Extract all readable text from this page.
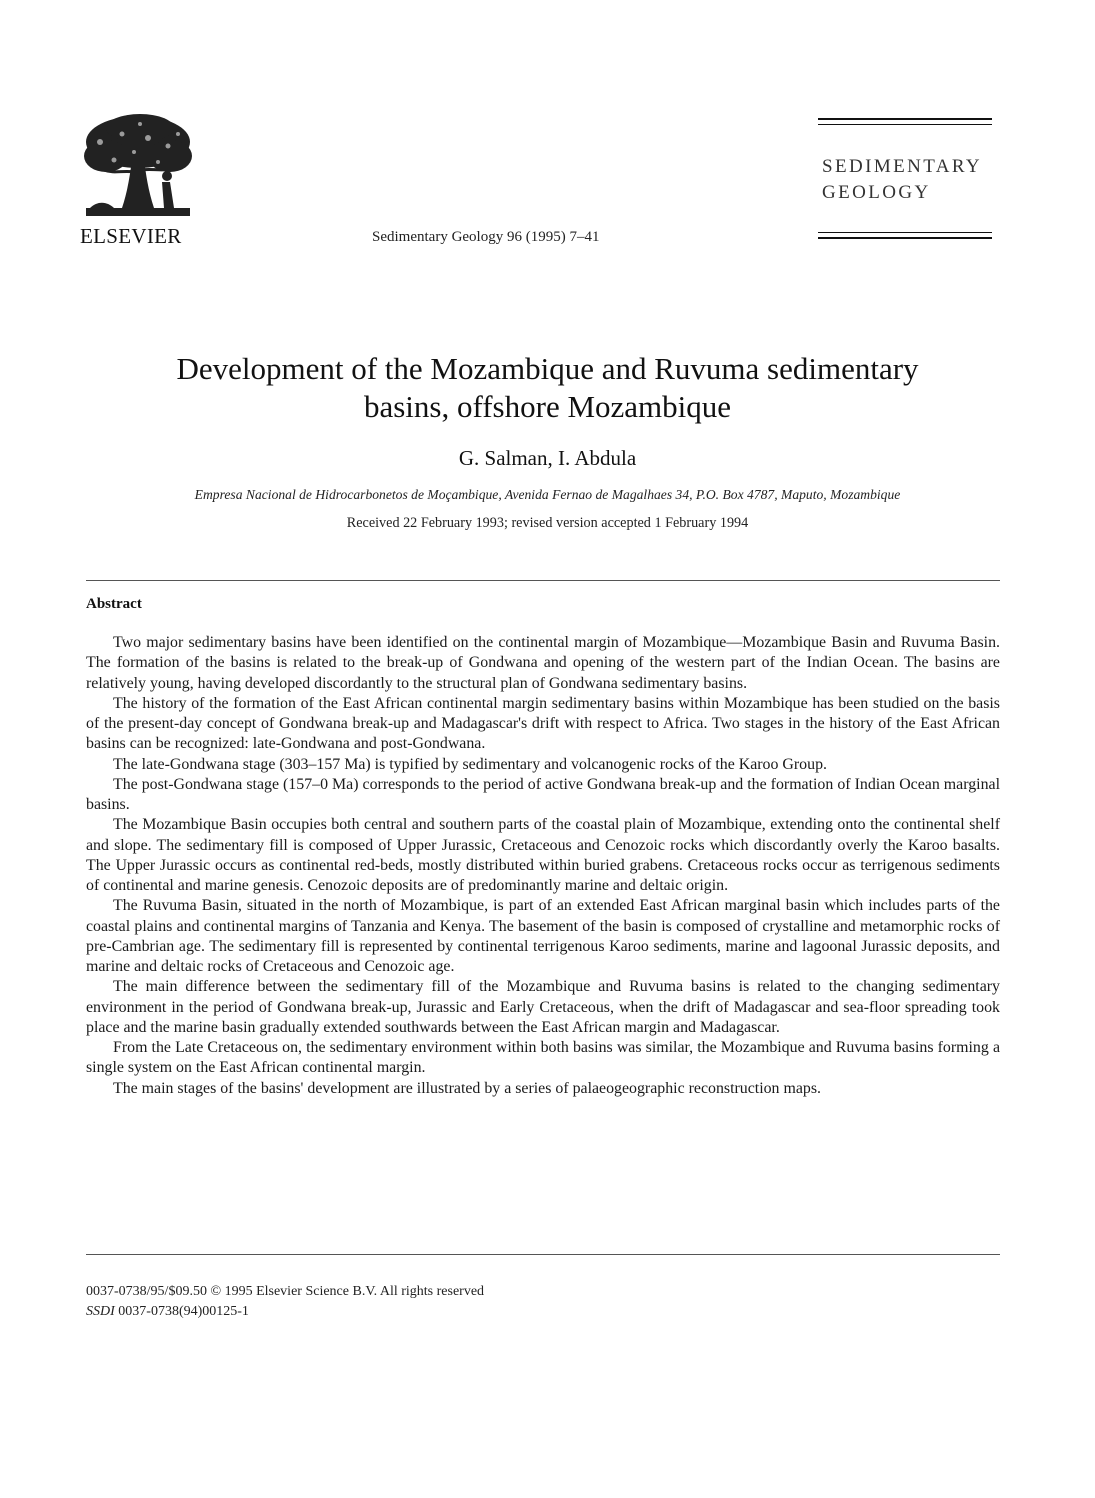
ELSEVIER	Sedimentary Geology 96 (1995) 7–41
SEDIMENTARY
GEOLOGY
Development of the Mozambique and Ruvuma sedimentary
basins, offshore Mozambique
G. Salman, I. Abdula
Empresa Nacional de Hidrocarbonetos de Moçambique, Avenida Fernao de Magalhaes 34, P.O. Box 4787, Maputo, Mozambique
Received 22 February 1993; revised version accepted 1 February 1994
Abstract

Two major sedimentary basins have been identified on the continental margin of Mozambique—Mozambique Basin and Ruvuma Basin. The formation of the basins is related to the break-up of Gondwana and opening of the western part of the Indian Ocean. The basins are relatively young, having developed discordantly to the structural plan of Gondwana sedimentary basins.

The history of the formation of the East African continental margin sedimentary basins within Mozambique has been studied on the basis of the present-day concept of Gondwana break-up and Madagascar's drift with respect to Africa. Two stages in the history of the East African basins can be recognized: late-Gondwana and post-Gondwana.

The late-Gondwana stage (303–157 Ma) is typified by sedimentary and volcanogenic rocks of the Karoo Group.

The post-Gondwana stage (157–0 Ma) corresponds to the period of active Gondwana break-up and the formation of Indian Ocean marginal basins.

The Mozambique Basin occupies both central and southern parts of the coastal plain of Mozambique, extending onto the continental shelf and slope. The sedimentary fill is composed of Upper Jurassic, Cretaceous and Cenozoic rocks which discordantly overly the Karoo basalts. The Upper Jurassic occurs as continental red-beds, mostly distributed within buried grabens. Cretaceous rocks occur as terrigenous sediments of continental and marine genesis. Cenozoic deposits are of predominantly marine and deltaic origin.

The Ruvuma Basin, situated in the north of Mozambique, is part of an extended East African marginal basin which includes parts of the coastal plains and continental margins of Tanzania and Kenya. The basement of the basin is composed of crystalline and metamorphic rocks of pre-Cambrian age. The sedimentary fill is represented by continental terrigenous Karoo sediments, marine and lagoonal Jurassic deposits, and marine and deltaic rocks of Cretaceous and Cenozoic age.

The main difference between the sedimentary fill of the Mozambique and Ruvuma basins is related to the changing sedimentary environment in the period of Gondwana break-up, Jurassic and Early Cretaceous, when the drift of Madagascar and sea-floor spreading took place and the marine basin gradually extended southwards between the East African margin and Madagascar.

From the Late Cretaceous on, the sedimentary environment within both basins was similar, the Mozambique and Ruvuma basins forming a single system on the East African continental margin.

The main stages of the basins' development are illustrated by a series of palaeogeographic reconstruction maps.

0037-0738/95/$09.50 © 1995 Elsevier Science B.V. All rights reserved
SSDI 0037-0738(94)00125-1
